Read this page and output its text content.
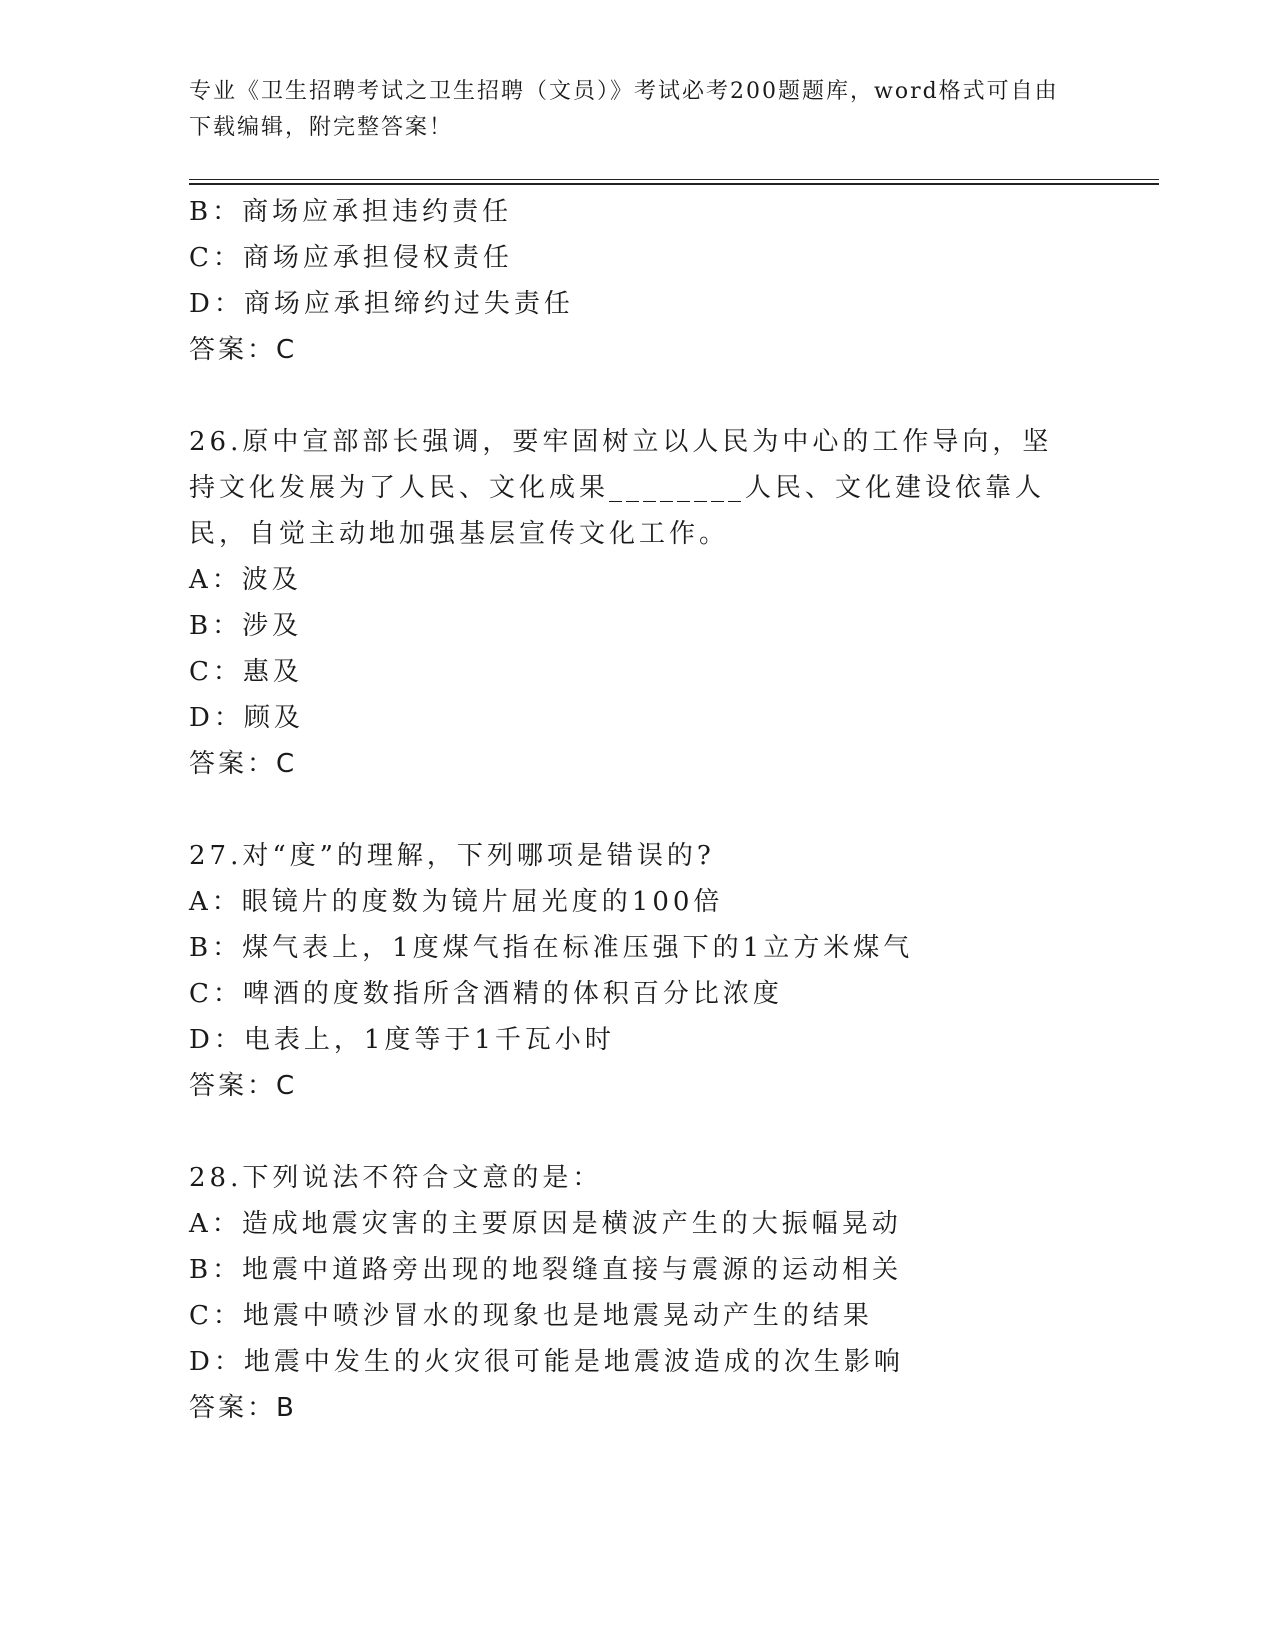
专业《卫生招聘考试之卫生招聘（文员）》考试必考200题题库，word格式可自由下载编辑，附完整答案！
B：商场应承担违约责任
C：商场应承担侵权责任
D：商场应承担缔约过失责任
答案：C
26.原中宣部部长强调，要牢固树立以人民为中心的工作导向，坚持文化发展为了人民、文化成果________人民、文化建设依靠人民，自觉主动地加强基层宣传文化工作。
A：波及
B：涉及
C：惠及
D：顾及
答案：C
27.对“度”的理解，下列哪项是错误的?
A：眼镜片的度数为镜片屈光度的100倍
B：煤气表上，1度煤气指在标准压强下的1立方米煤气
C：啤酒的度数指所含酒精的体积百分比浓度
D：电表上，1度等于1千瓦小时
答案：C
28.下列说法不符合文意的是：
A：造成地震灾害的主要原因是横波产生的大振幅晃动
B：地震中道路旁出现的地裂缝直接与震源的运动相关
C：地震中喷沙冒水的现象也是地震晃动产生的结果
D：地震中发生的火灾很可能是地震波造成的次生影响
答案：B
